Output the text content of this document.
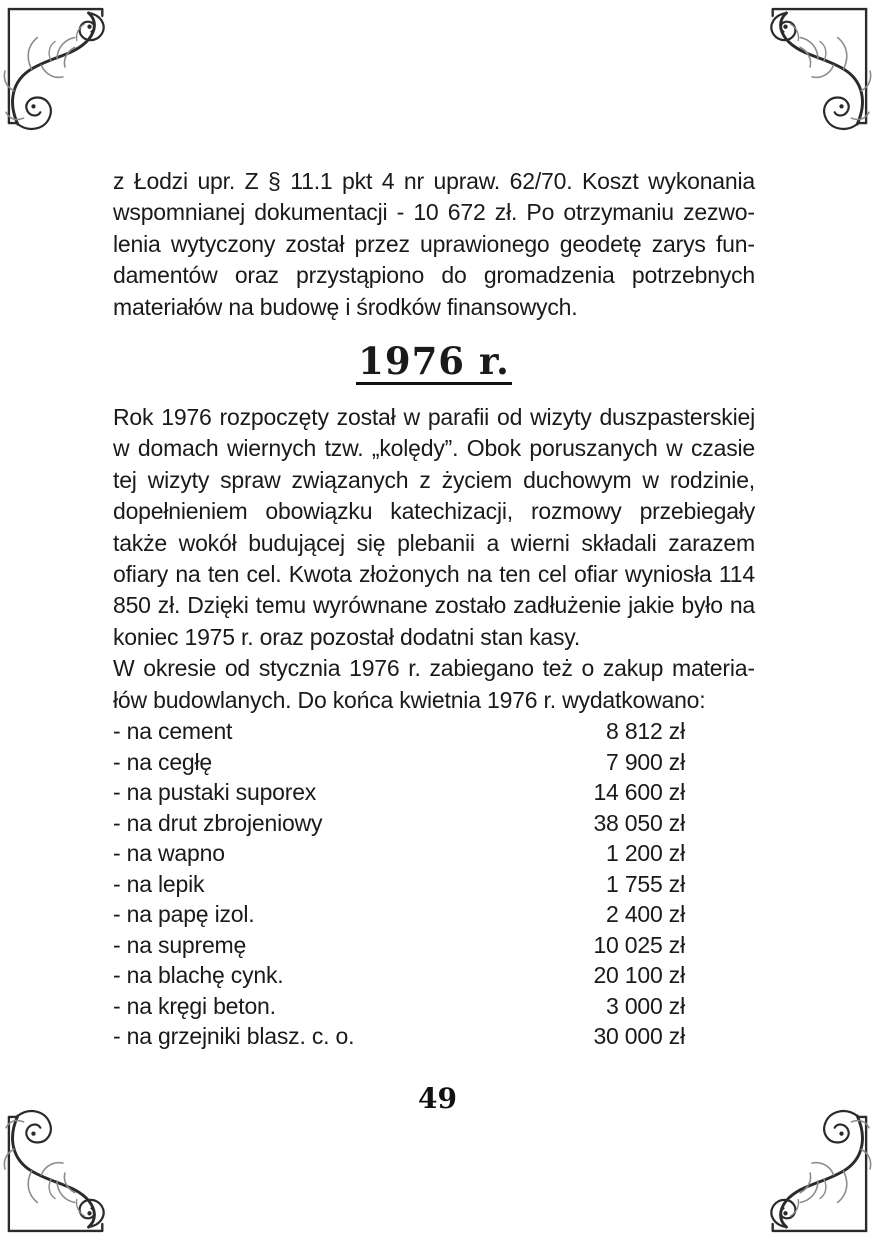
z Łodzi upr. Z § 11.1 pkt 4 nr upraw. 62/70. Koszt wykonania wspomnianej dokumentacji - 10 672 zł. Po otrzymaniu zezwolenia wytyczony został przez uprawionego geodetę zarys fundamentów oraz przystąpiono do gromadzenia potrzebnych materiałów na budowę i środków finansowych.

1976 r.

Rok 1976 rozpoczęty został w parafii od wizyty duszpasterskiej w domach wiernych tzw. „kolędy”. Obok poruszanych w czasie tej wizyty spraw związanych z życiem duchowym w rodzinie, dopełnieniem obowiązku katechizacji, rozmowy przebiegały także wokół budującej się plebanii a wierni składali zarazem ofiary na ten cel. Kwota złożonych na ten cel ofiar wyniosła 114 850 zł. Dzięki temu wyrównane zostało zadłużenie jakie było na koniec 1975 r. oraz pozostał dodatni stan kasy.

W okresie od stycznia 1976 r. zabiegano też o zakup materiałów budowlanych. Do końca kwietnia 1976 r. wydatkowano:

- na cement	8 812 zł
- na cegłę	7 900 zł
- na pustaki suporex	14 600 zł
- na drut zbrojeniowy	38 050 zł
- na wapno	1 200 zł
- na lepik	1 755 zł
- na papę izol.	2 400 zł
- na supremę	10 025 zł
- na blachę cynk.	20 100 zł
- na kręgi beton.	3 000 zł
- na grzejniki blasz. c. o.	30 000 zł
49
